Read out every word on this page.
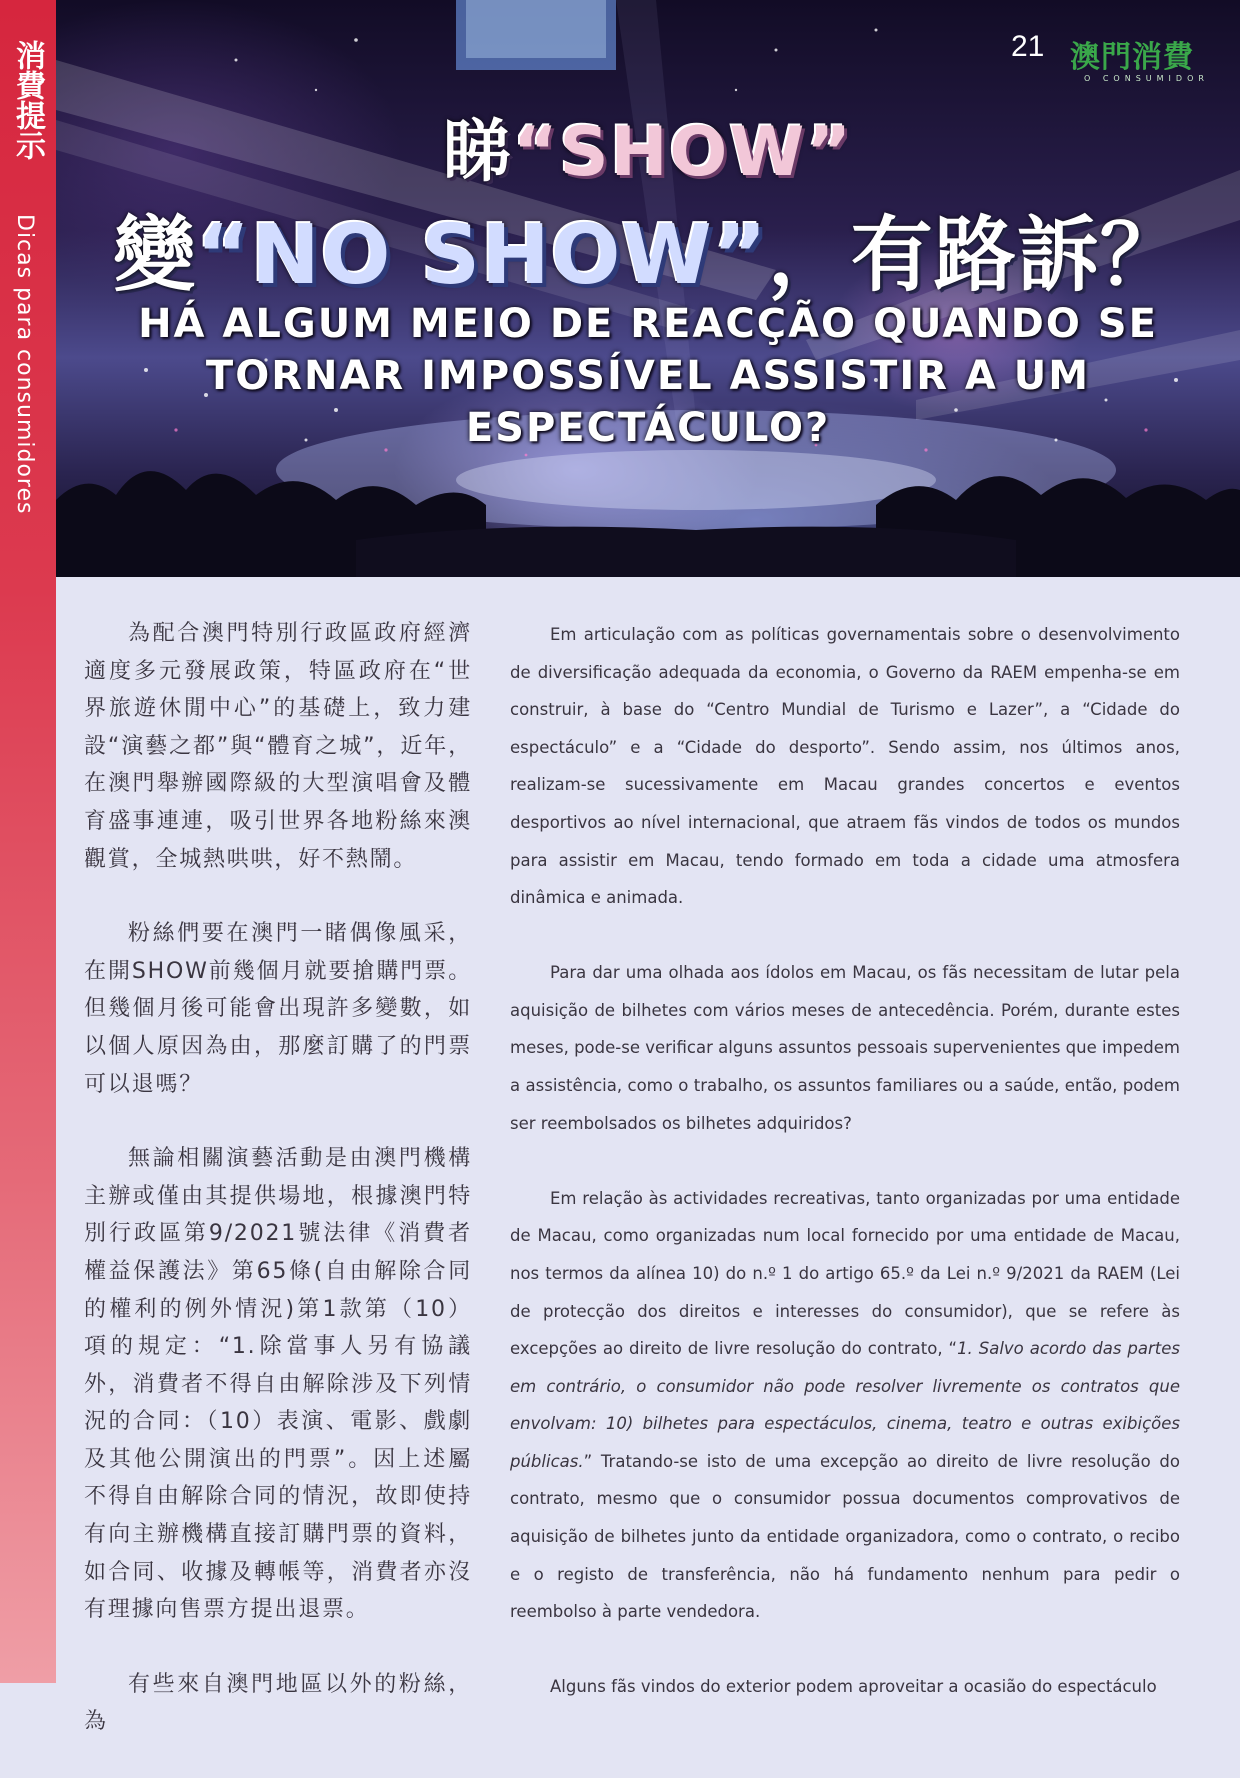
消費提示
Dicas para consumidores
21 澳門消費
O CONSUMIDOR
睇“SHOW”
變“NO SHOW”，有路訴？
HÁ ALGUM MEIO DE REACÇÃO QUANDO SE TORNAR IMPOSSÍVEL ASSISTIR A UM ESPECTÁCULO?

為配合澳門特別行政區政府經濟適度多元發展政策，特區政府在“世界旅遊休閒中心”的基礎上，致力建設“演藝之都”與“體育之城”，近年，在澳門舉辦國際級的大型演唱會及體育盛事連連，吸引世界各地粉絲來澳觀賞，全城熱哄哄，好不熱鬧。

粉絲們要在澳門一睹偶像風采，在開SHOW前幾個月就要搶購門票。但幾個月後可能會出現許多變數，如以個人原因為由，那麼訂購了的門票可以退嗎？

無論相關演藝活動是由澳門機構主辦或僅由其提供場地，根據澳門特別行政區第9/2021號法律《消費者權益保護法》第65條(自由解除合同的權利的例外情況)第1款第（10）項的規定：“1.除當事人另有協議外，消費者不得自由解除涉及下列情況的合同：（10）表演、電影、戲劇及其他公開演出的門票”。因上述屬不得自由解除合同的情況，故即使持有向主辦機構直接訂購門票的資料，如合同、收據及轉帳等，消費者亦沒有理據向售票方提出退票。

有些來自澳門地區以外的粉絲，為

Em articulação com as políticas governamentais sobre o desenvolvimento de diversificação adequada da economia, o Governo da RAEM empenha-se em construir, à base do “Centro Mundial de Turismo e Lazer”, a “Cidade do espectáculo” e a “Cidade do desporto”. Sendo assim, nos últimos anos, realizam-se sucessivamente em Macau grandes concertos e eventos desportivos ao nível internacional, que atraem fãs vindos de todos os mundos para assistir em Macau, tendo formado em toda a cidade uma atmosfera dinâmica e animada.

Para dar uma olhada aos ídolos em Macau, os fãs necessitam de lutar pela aquisição de bilhetes com vários meses de antecedência. Porém, durante estes meses, pode-se verificar alguns assuntos pessoais supervenientes que impedem a assistência, como o trabalho, os assuntos familiares ou a saúde, então, podem ser reembolsados os bilhetes adquiridos?

Em relação às actividades recreativas, tanto organizadas por uma entidade de Macau, como organizadas num local fornecido por uma entidade de Macau, nos termos da alínea 10) do n.º 1 do artigo 65.º da Lei n.º 9/2021 da RAEM (Lei de protecção dos direitos e interesses do consumidor), que se refere às excepções ao direito de livre resolução do contrato, “1. Salvo acordo das partes em contrário, o consumidor não pode resolver livremente os contratos que envolvam: 10) bilhetes para espectáculos, cinema, teatro e outras exibições públicas.” Tratando-se isto de uma excepção ao direito de livre resolução do contrato, mesmo que o consumidor possua documentos comprovativos de aquisição de bilhetes junto da entidade organizadora, como o contrato, o recibo e o registo de transferência, não há fundamento nenhum para pedir o reembolso à parte vendedora.

Alguns fãs vindos do exterior podem aproveitar a ocasião do espectáculo
